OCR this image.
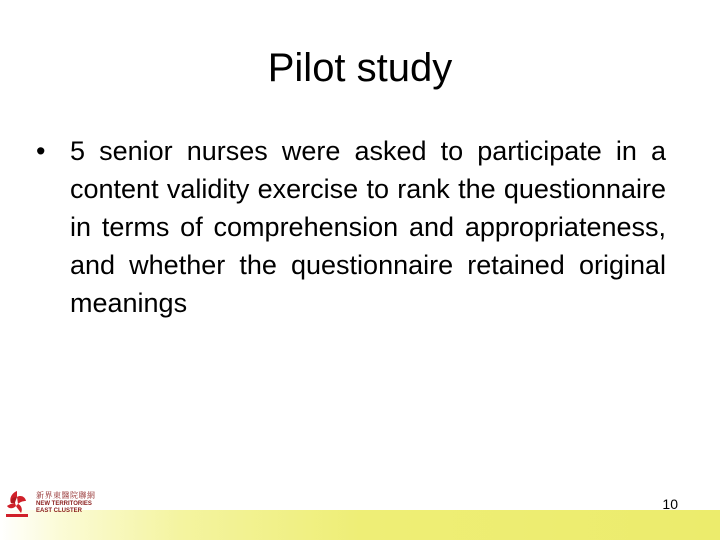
Pilot study
• 5 senior nurses were asked to participate in a content validity exercise to rank the questionnaire in terms of comprehension and appropriateness, and whether the questionnaire retained original meanings
10
新界東醫院聯網
NEW TERRITORIES
EAST CLUSTER
